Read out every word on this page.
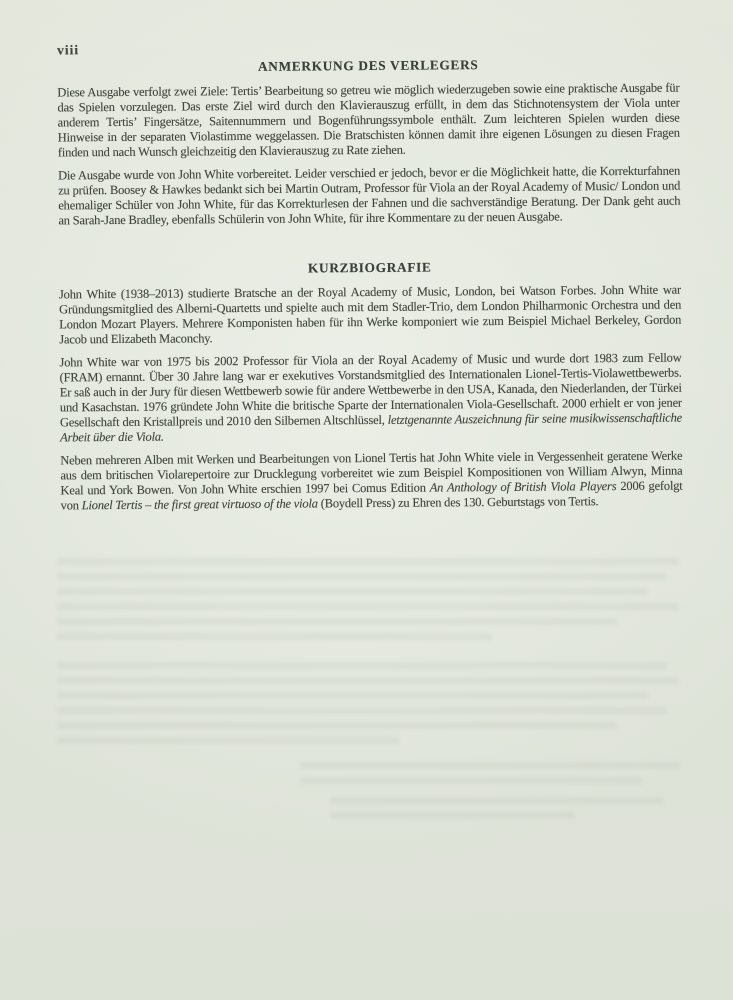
viii
ANMERKUNG DES VERLEGERS

Diese Ausgabe verfolgt zwei Ziele: Tertis’ Bearbeitung so getreu wie möglich wiederzugeben sowie eine praktische Ausgabe für das Spielen vorzulegen. Das erste Ziel wird durch den Klavierauszug erfüllt, in dem das Stichnotensystem der Viola unter anderem Tertis’ Fingersätze, Saitennummern und Bogenführungssymbole enthält. Zum leichteren Spielen wurden diese Hinweise in der separaten Violastimme weggelassen. Die Bratschisten können damit ihre eigenen Lösungen zu diesen Fragen finden und nach Wunsch gleichzeitig den Klavierauszug zu Rate ziehen.

Die Ausgabe wurde von John White vorbereitet. Leider verschied er jedoch, bevor er die Möglichkeit hatte, die Korrekturfahnen zu prüfen. Boosey & Hawkes bedankt sich bei Martin Outram, Professor für Viola an der Royal Academy of Music/ London und ehemaliger Schüler von John White, für das Korrekturlesen der Fahnen und die sachverständige Beratung. Der Dank geht auch an Sarah-Jane Bradley, ebenfalls Schülerin von John White, für ihre Kommentare zu der neuen Ausgabe.

KURZBIOGRAFIE

John White (1938–2013) studierte Bratsche an der Royal Academy of Music, London, bei Watson Forbes. John White war Gründungsmitglied des Alberni-Quartetts und spielte auch mit dem Stadler-Trio, dem London Philharmonic Orchestra und den London Mozart Players. Mehrere Komponisten haben für ihn Werke komponiert wie zum Beispiel Michael Berkeley, Gordon Jacob und Elizabeth Maconchy.

John White war von 1975 bis 2002 Professor für Viola an der Royal Academy of Music und wurde dort 1983 zum Fellow (FRAM) ernannt. Über 30 Jahre lang war er exekutives Vorstandsmitglied des Internationalen Lionel-Tertis-Violawettbewerbs. Er saß auch in der Jury für diesen Wettbewerb sowie für andere Wettbewerbe in den USA, Kanada, den Niederlanden, der Türkei und Kasachstan. 1976 gründete John White die britische Sparte der Internationalen Viola-Gesellschaft. 2000 erhielt er von jener Gesellschaft den Kristallpreis und 2010 den Silbernen Altschlüssel, letztgenannte Auszeichnung für seine musikwissenschaftliche Arbeit über die Viola.

Neben mehreren Alben mit Werken und Bearbeitungen von Lionel Tertis hat John White viele in Vergessenheit geratene Werke aus dem britischen Violarepertoire zur Drucklegung vorbereitet wie zum Beispiel Kompositionen von William Alwyn, Minna Keal und York Bowen. Von John White erschien 1997 bei Comus Edition An Anthology of British Viola Players 2006 gefolgt von Lionel Tertis – the first great virtuoso of the viola (Boydell Press) zu Ehren des 130. Geburtstags von Tertis.
